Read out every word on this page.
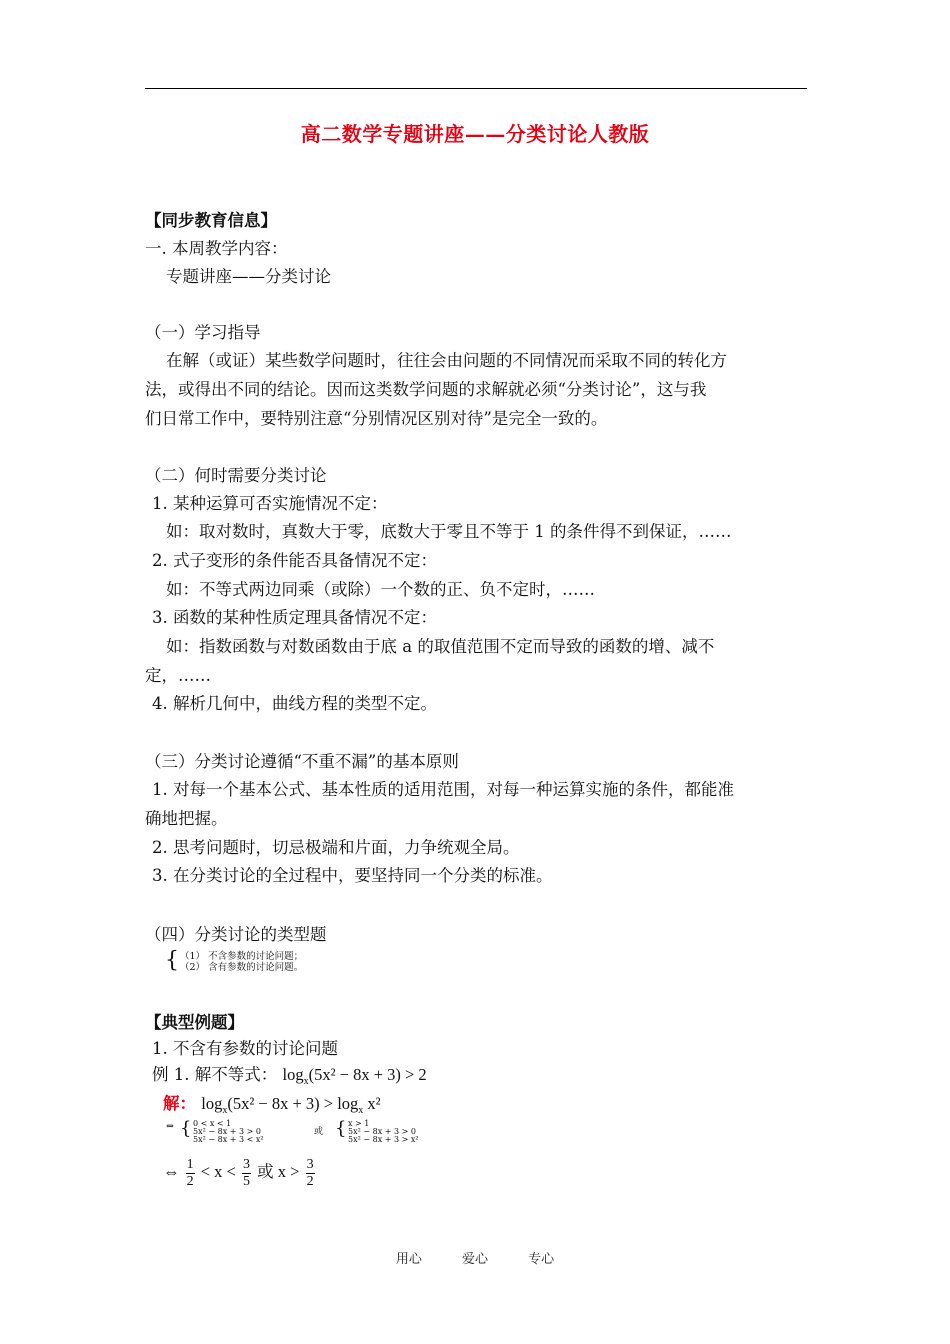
高二数学专题讲座——分类讨论人教版
【同步教育信息】
一. 本周教学内容：
专题讲座——分类讨论
（一）学习指导
在解（或证）某些数学问题时，往往会由问题的不同情况而采取不同的转化方
法，或得出不同的结论。因而这类数学问题的求解就必须“分类讨论”，这与我
们日常工作中，要特别注意“分别情况区别对待”是完全一致的。
（二）何时需要分类讨论
1. 某种运算可否实施情况不定：
如：取对数时，真数大于零，底数大于零且不等于 1 的条件得不到保证，……
2. 式子变形的条件能否具备情况不定：
如：不等式两边同乘（或除）一个数的正、负不定时，……
3. 函数的某种性质定理具备情况不定：
如：指数函数与对数函数由于底 a 的取值范围不定而导致的函数的增、减不
定，……
4. 解析几何中，曲线方程的类型不定。
（三）分类讨论遵循“不重不漏”的基本原则
1. 对每一个基本公式、基本性质的适用范围，对每一种运算实施的条件，都能准
确地把握。
2. 思考问题时，切忌极端和片面，力争统观全局。
3. 在分类讨论的全过程中，要坚持同一个分类的标准。
（四）分类讨论的类型题
{ （1） 不含参数的讨论问题；
（2） 含有参数的讨论问题。
【典型例题】
1. 不含有参数的讨论问题
例 1. 解不等式： $\log_x(5x^2 - 8x + 3) > 2$
解： $\log_x(5x^2 - 8x + 3) > \log_x x^2$
⇔ { 0 < x < 1
5x² − 8x + 3 > 0
5x² − 8x + 3 < x²
或 { x > 1
5x² − 8x + 3 > 0
5x² − 8x + 3 > x²
⇔ $\frac{1}{2} < x < \frac{3}{5}$ 或 $x > \frac{3}{2}$
用心	爱心	专心
